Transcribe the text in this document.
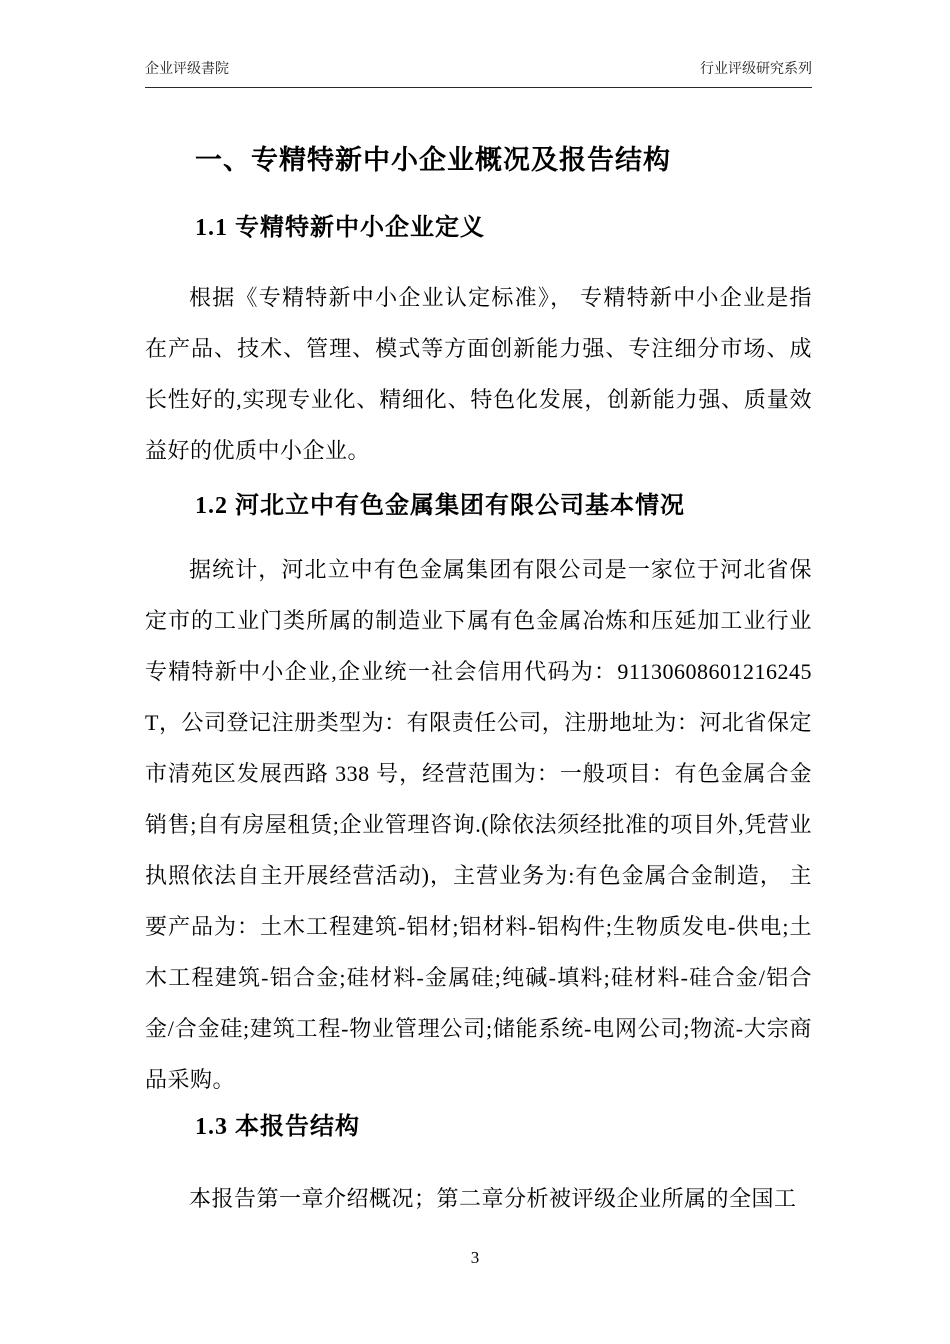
企业评级書院	行业评级研究系列
一、专精特新中小企业概况及报告结构
1.1 专精特新中小企业定义

根据《专精特新中小企业认定标准》， 专精特新中小企业是指在产品、技术、管理、模式等方面创新能力强、专注细分市场、成长性好的,实现专业化、精细化、特色化发展，创新能力强、质量效益好的优质中小企业。

1.2 河北立中有色金属集团有限公司基本情况

据统计，河北立中有色金属集团有限公司是一家位于河北省保定市的工业门类所属的制造业下属有色金属冶炼和压延加工业行业专精特新中小企业,企业统一社会信用代码为：91130608601216245T，公司登记注册类型为：有限责任公司，注册地址为：河北省保定市清苑区发展西路 338 号，经营范围为：一般项目：有色金属合金销售;自有房屋租赁;企业管理咨询.(除依法须经批准的项目外,凭营业执照依法自主开展经营活动)，主营业务为:有色金属合金制造， 主要产品为：土木工程建筑-铝材;铝材料-铝构件;生物质发电-供电;土木工程建筑-铝合金;硅材料-金属硅;纯碱-填料;硅材料-硅合金/铝合金/合金硅;建筑工程-物业管理公司;储能系统-电网公司;物流-大宗商品采购。

1.3 本报告结构

本报告第一章介绍概况；第二章分析被评级企业所属的全国工

3
